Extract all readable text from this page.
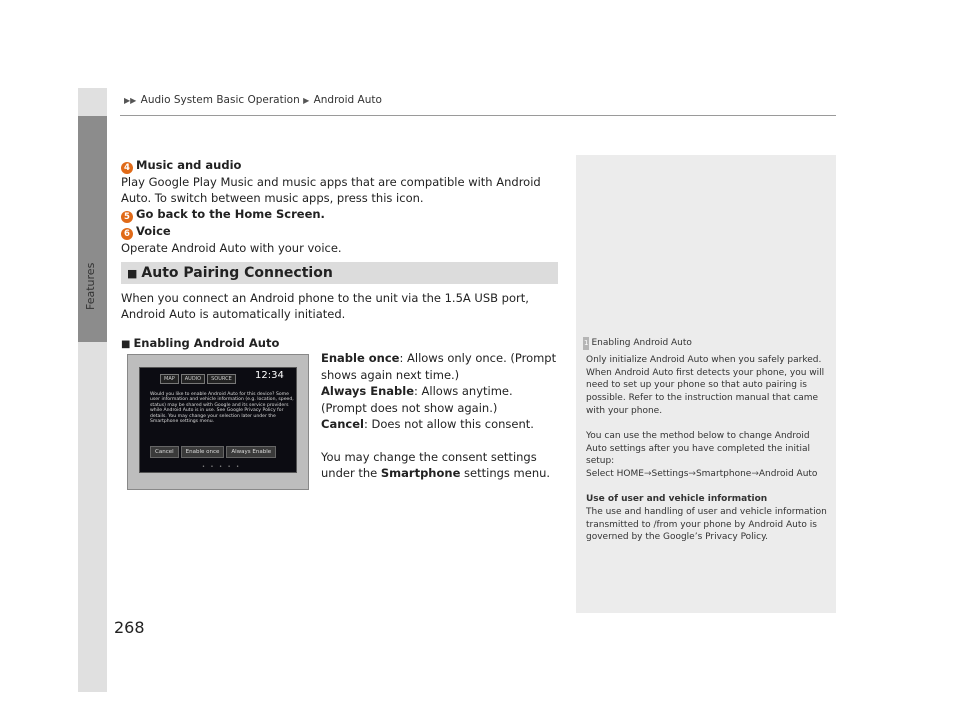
Features
▶▶ Audio System Basic Operation ▶ Android Auto
4 Music and audio
Play Google Play Music and music apps that are compatible with Android Auto. To switch between music apps, press this icon.
5 Go back to the Home Screen.
6 Voice
Operate Android Auto with your voice.
■ Auto Pairing Connection
When you connect an Android phone to the unit via the 1.5A USB port, Android Auto is automatically initiated.
■ Enabling Android Auto
MAP	AUDIO	SOURCE	12:34
Would you like to enable Android Auto for this device? Some user information and vehicle information (e.g. location, speed, status) may be shared with Google and its service providers while Android Auto is in use. See Google Privacy Policy for details. You may change your selection later under the Smartphone settings menu.
Cancel	Enable once	Always Enable
• • • • •
Enable once: Allows only once. (Prompt shows again next time.)
Always Enable: Allows anytime. (Prompt does not show again.)
Cancel: Does not allow this consent.
You may change the consent settings under the Smartphone settings menu.
1 Enabling Android Auto
Only initialize Android Auto when you safely parked. When Android Auto first detects your phone, you will need to set up your phone so that auto pairing is possible. Refer to the instruction manual that came with your phone.
You can use the method below to change Android Auto settings after you have completed the initial setup:
Select HOME→Settings→Smartphone→Android Auto
Use of user and vehicle information
The use and handling of user and vehicle information transmitted to /from your phone by Android Auto is governed by the Google’s Privacy Policy.
268
